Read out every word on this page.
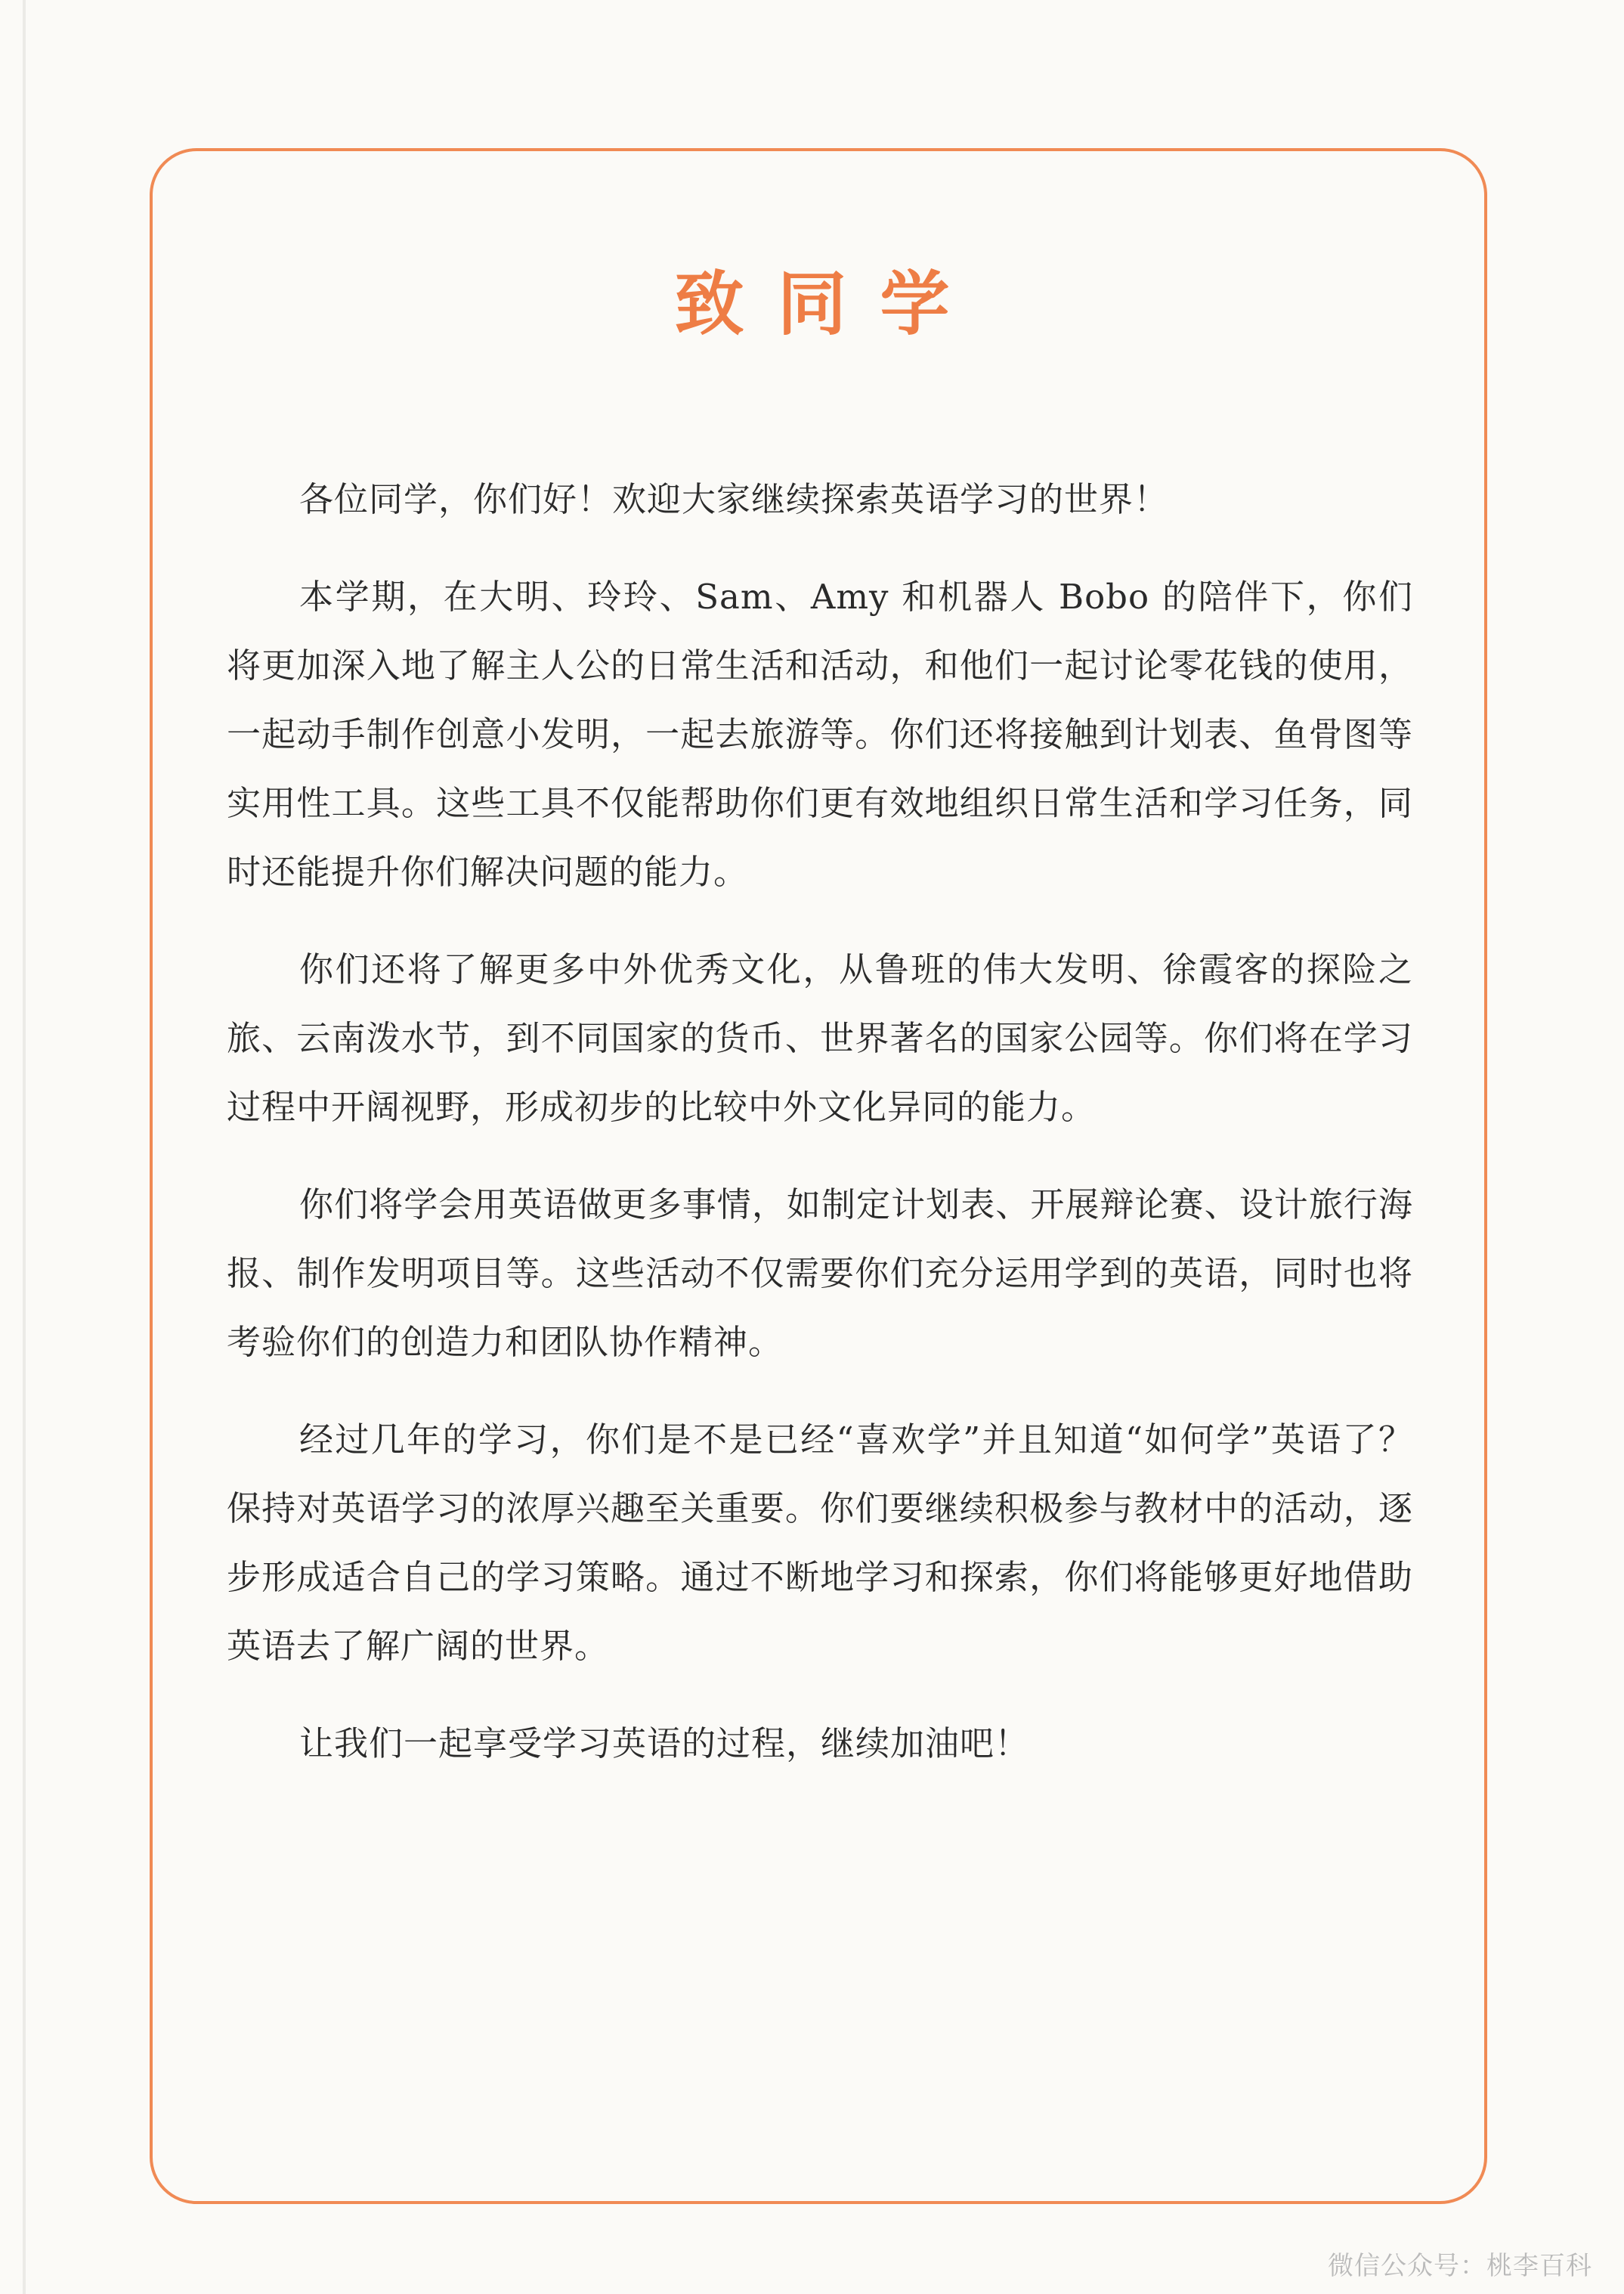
致同学

各位同学，你们好！欢迎大家继续探索英语学习的世界！

本学期，在大明、玲玲、Sam、Amy 和机器人 Bobo 的陪伴下，你们将更加深入地了解主人公的日常生活和活动，和他们一起讨论零花钱的使用，一起动手制作创意小发明，一起去旅游等。你们还将接触到计划表、鱼骨图等实用性工具。这些工具不仅能帮助你们更有效地组织日常生活和学习任务，同时还能提升你们解决问题的能力。

你们还将了解更多中外优秀文化，从鲁班的伟大发明、徐霞客的探险之旅、云南泼水节，到不同国家的货币、世界著名的国家公园等。你们将在学习过程中开阔视野，形成初步的比较中外文化异同的能力。

你们将学会用英语做更多事情，如制定计划表、开展辩论赛、设计旅行海报、制作发明项目等。这些活动不仅需要你们充分运用学到的英语，同时也将考验你们的创造力和团队协作精神。

经过几年的学习，你们是不是已经“喜欢学”并且知道“如何学”英语了？保持对英语学习的浓厚兴趣至关重要。你们要继续积极参与教材中的活动，逐步形成适合自己的学习策略。通过不断地学习和探索，你们将能够更好地借助英语去了解广阔的世界。

让我们一起享受学习英语的过程，继续加油吧！

微信公众号：桃李百科
